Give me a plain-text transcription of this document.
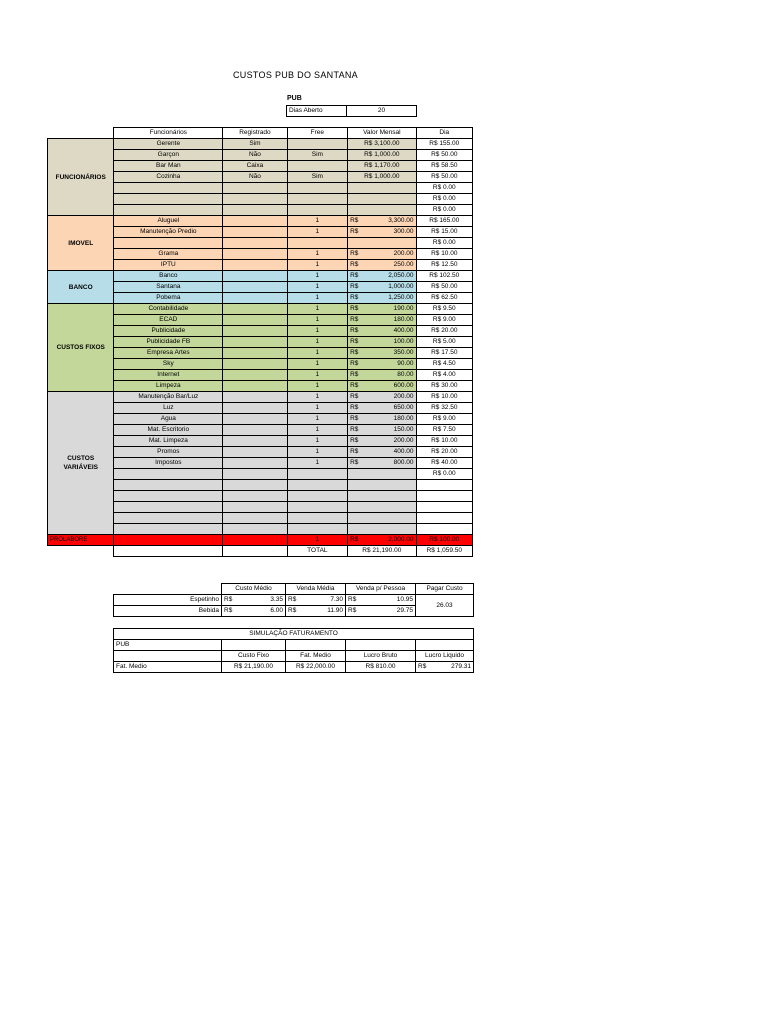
CUSTOS PUB DO SANTANA
PUB
Dias Aberto	20
	Funcionários	Registrado	Free	Valor Mensal		Dia
FUNCIONÁRIOS	Gerente	Sim		R$ 3,100.00		R$ 155.00
	Garçon	Não	Sim	R$ 1,000.00		R$ 50.00
	Bar Man	Caixa		R$ 1,170.00		R$ 58.50
	Cozinha	Não	Sim	R$ 1,000.00		R$ 50.00
						R$ 0.00
						R$ 0.00
						R$ 0.00
IMOVEL	Aluguel		1	R$	3,300.00	R$ 165.00
	Manutenção Predio		1	R$	300.00	R$ 15.00
						R$ 0.00
	Grama		1	R$	200.00	R$ 10.00
	IPTU		1	R$	250.00	R$ 12.50
BANCO	Banco		1	R$	2,050.00	R$ 102.50
	Santana		1	R$	1,000.00	R$ 50.00
	Pobema		1	R$	1,250.00	R$ 62.50
CUSTOS FIXOS	Contabilidade		1	R$	190.00	R$ 9.50
	ECAD		1	R$	180.00	R$ 9.00
	Publicidade		1	R$	400.00	R$ 20.00
	Publicidade FB		1	R$	100.00	R$ 5.00
	Empresa Artes		1	R$	350.00	R$ 17.50
	Sky		1	R$	90.00	R$ 4.50
	Internet		1	R$	80.00	R$ 4.00
	Limpeza		1	R$	600.00	R$ 30.00
CUSTOS VARIÁVEIS	Manutenção Bar/Luz		1	R$	200.00	R$ 10.00
	Luz		1	R$	650.00	R$ 32.50
	Agua		1	R$	180.00	R$ 9.00
	Mat. Escritorio		1	R$	150.00	R$ 7.50
	Mat. Limpeza		1	R$	200.00	R$ 10.00
	Promos		1	R$	400.00	R$ 20.00
	Impostos		1	R$	800.00	R$ 40.00
						R$ 0.00

PROLABORE			1	R$	2,000.00	R$ 100.00
			TOTAL	R$ 21,190.00		R$ 1,059.50
	Custo Médio		Venda Média		Venda p/ Pessoa		Pagar Custo
Espetinho	R$	3.35	R$	7.30	R$	10.95	26.03
Bebida	R$	6.00	R$	11.90	R$	29.75	
SIMULAÇÃO FATURAMENTO					
PUB					
	Custo Fixo	Fat. Medio	Lucro Bruto	Lucro Liquido	
Fat. Medio	R$ 21,190.00	R$ 22,000.00	R$ 810.00	R$	279.31
